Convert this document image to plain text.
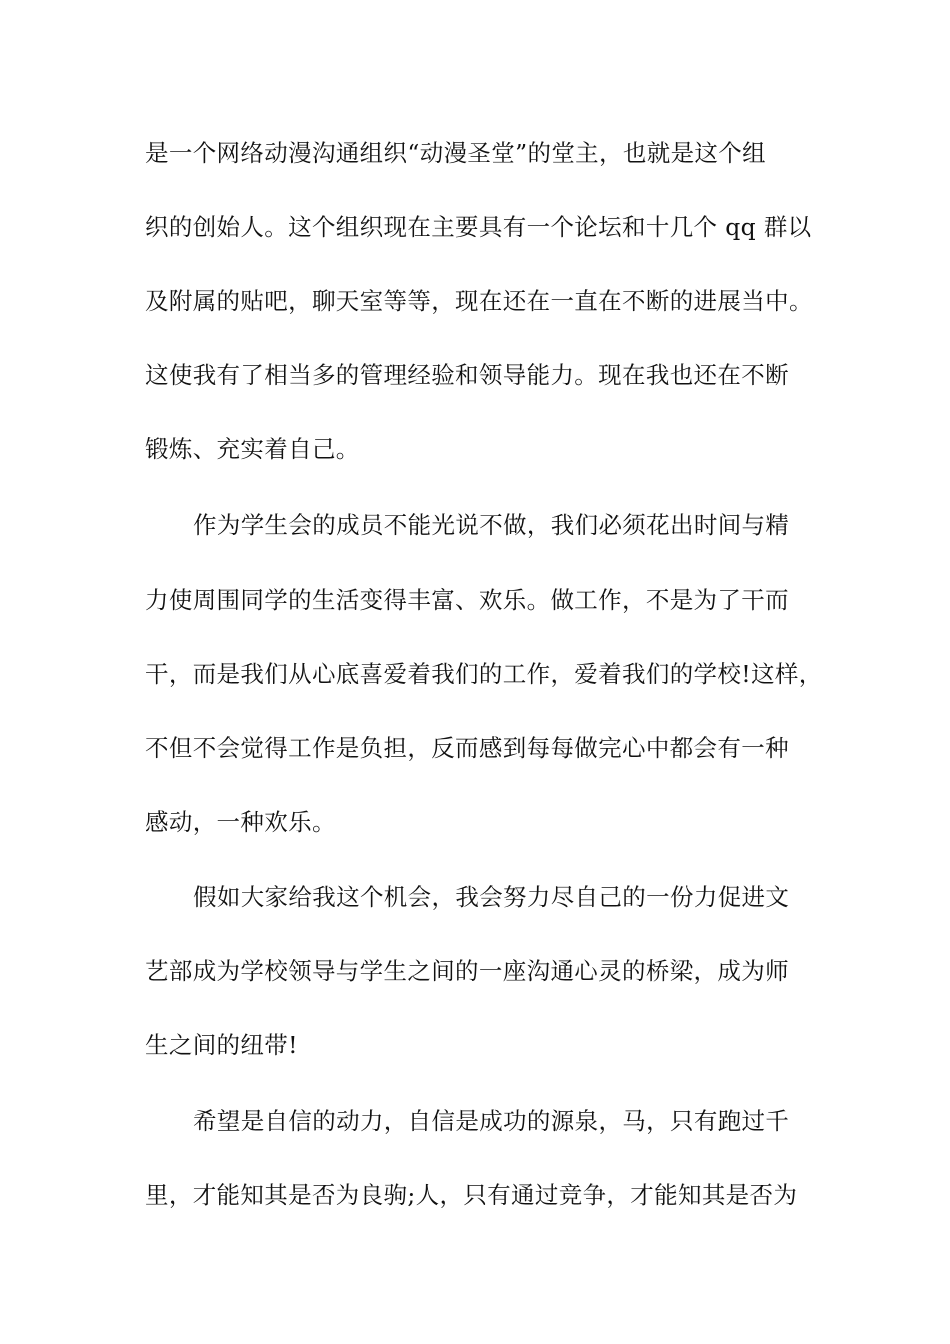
是一个网络动漫沟通组织“动漫圣堂”的堂主，也就是这个组
织的创始人。这个组织现在主要具有一个论坛和十几个 qq 群以
及附属的贴吧，聊天室等等，现在还在一直在不断的进展当中。
这使我有了相当多的管理经验和领导能力。现在我也还在不断
锻炼、充实着自己。
作为学生会的成员不能光说不做，我们必须花出时间与精
力使周围同学的生活变得丰富、欢乐。做工作，不是为了干而
干，而是我们从心底喜爱着我们的工作，爱着我们的学校!这样，
不但不会觉得工作是负担，反而感到每每做完心中都会有一种
感动，一种欢乐。
假如大家给我这个机会，我会努力尽自己的一份力促进文
艺部成为学校领导与学生之间的一座沟通心灵的桥梁，成为师
生之间的纽带!
希望是自信的动力，自信是成功的源泉，马，只有跑过千
里，才能知其是否为良驹;人，只有通过竞争，才能知其是否为
